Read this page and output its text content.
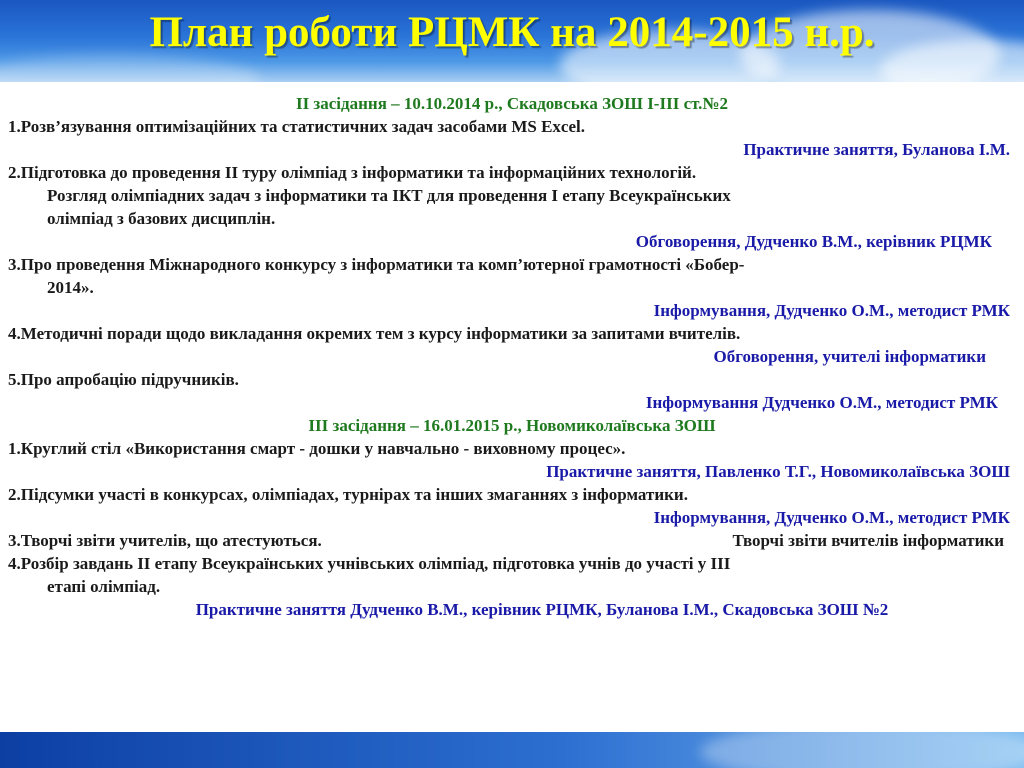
План роботи РЦМК на 2014-2015 н.р.
ІІ засідання – 10.10.2014 р., Скадовська ЗОШ І-ІІІ ст.№2
1.Розв’язування оптимізаційних та статистичних задач засобами MS Excel.
Практичне заняття, Буланова І.М.
2.Підготовка до проведення ІІ туру олімпіад з інформатики та інформаційних технологій.
Розгляд олімпіадних задач з інформатики та ІКТ для проведення І етапу Всеукраїнських
олімпіад з базових дисциплін.
Обговорення, Дудченко В.М., керівник РЦМК
3.Про проведення Міжнародного конкурсу з інформатики та комп’ютерної грамотності «Бобер-
2014».
Інформування, Дудченко О.М., методист РМК
4.Методичні поради щодо викладання окремих тем з курсу інформатики за запитами вчителів.
Обговорення, учителі інформатики
5.Про апробацію підручників.
Інформування Дудченко О.М., методист РМК
ІІІ засідання – 16.01.2015 р., Новомиколаївська ЗОШ
1.Круглий стіл «Використання смарт - дошки у навчально - виховному процес».
Практичне заняття, Павленко Т.Г., Новомиколаївська ЗОШ
2.Підсумки участі в конкурсах, олімпіадах, турнірах та інших змаганнях з інформатики.
Інформування, Дудченко О.М., методист РМК
3.Творчі звіти учителів, що атестуються.	Творчі звіти вчителів інформатики
4.Розбір завдань ІІ етапу Всеукраїнських учнівських олімпіад, підготовка учнів до участі у ІІІ
етапі олімпіад.
Практичне заняття Дудченко В.М., керівник РЦМК, Буланова І.М., Скадовська ЗОШ №2
